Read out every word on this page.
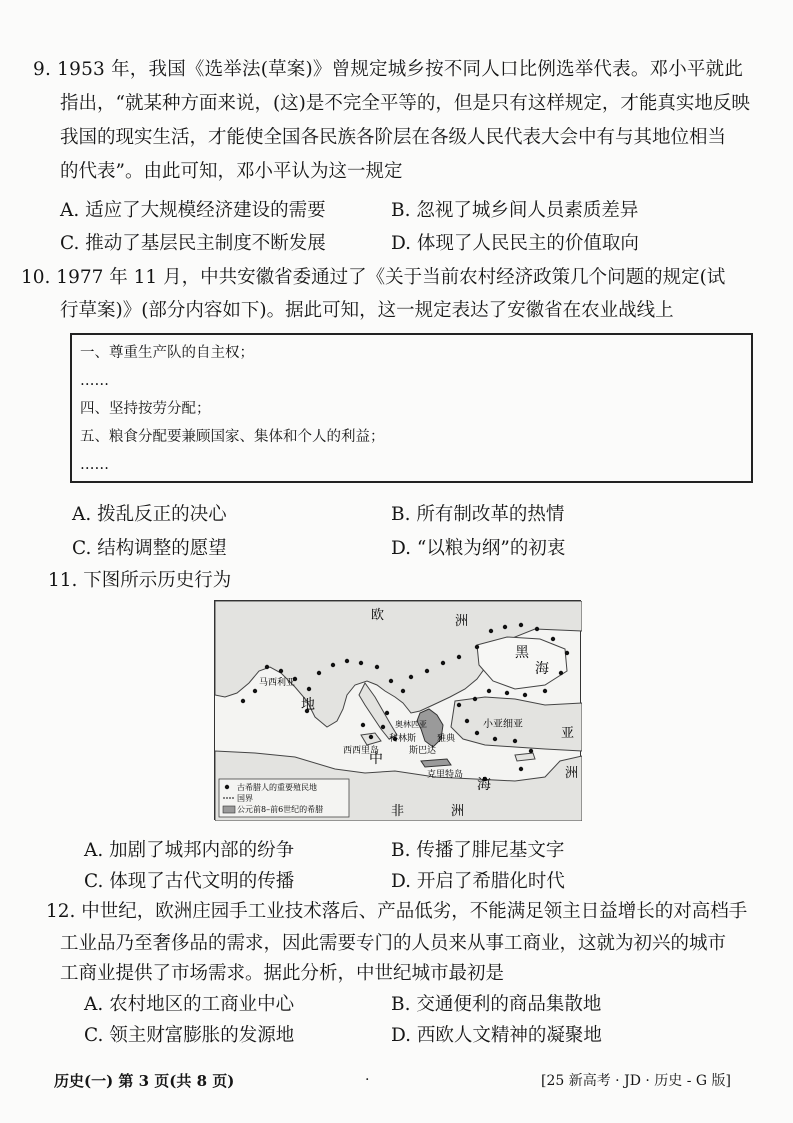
9. 1953 年，我国《选举法(草案)》曾规定城乡按不同人口比例选举代表。邓小平就此
指出，“就某种方面来说，(这)是不完全平等的，但是只有这样规定，才能真实地反映
我国的现实生活，才能使全国各民族各阶层在各级人民代表大会中有与其地位相当
的代表”。由此可知，邓小平认为这一规定
A. 适应了大规模经济建设的需要	B. 忽视了城乡间人员素质差异
C. 推动了基层民主制度不断发展	D. 体现了人民民主的价值取向
10. 1977 年 11 月，中共安徽省委通过了《关于当前农村经济政策几个问题的规定(试
行草案)》(部分内容如下)。据此可知，这一规定表达了安徽省在农业战线上
一、尊重生产队的自主权；
……
四、坚持按劳分配；
五、粮食分配要兼顾国家、集体和个人的利益；
……
A. 拨乱反正的决心	B. 所有制改革的热情
C. 结构调整的愿望	D. “以粮为纲”的初衷
11. 下图所示历史行为
欧	洲
黑
海
地
中
海
亚
洲
非	洲
小亚细亚
马西利亚
科林斯
西西里岛
雅典
斯巴达
克里特岛
奥林匹亚
古希腊人的重要殖民地
国界
公元前8–前6世纪的希腊
A. 加剧了城邦内部的纷争	B. 传播了腓尼基文字
C. 体现了古代文明的传播	D. 开启了希腊化时代
12. 中世纪，欧洲庄园手工业技术落后、产品低劣，不能满足领主日益增长的对高档手
工业品乃至奢侈品的需求，因此需要专门的人员来从事工商业，这就为初兴的城市
工商业提供了市场需求。据此分析，中世纪城市最初是
A. 农村地区的工商业中心	B. 交通便利的商品集散地
C. 领主财富膨胀的发源地	D. 西欧人文精神的凝聚地
历史(一) 第 3 页(共 8 页)	.	[25 新高考 · JD · 历史 - G 版]
